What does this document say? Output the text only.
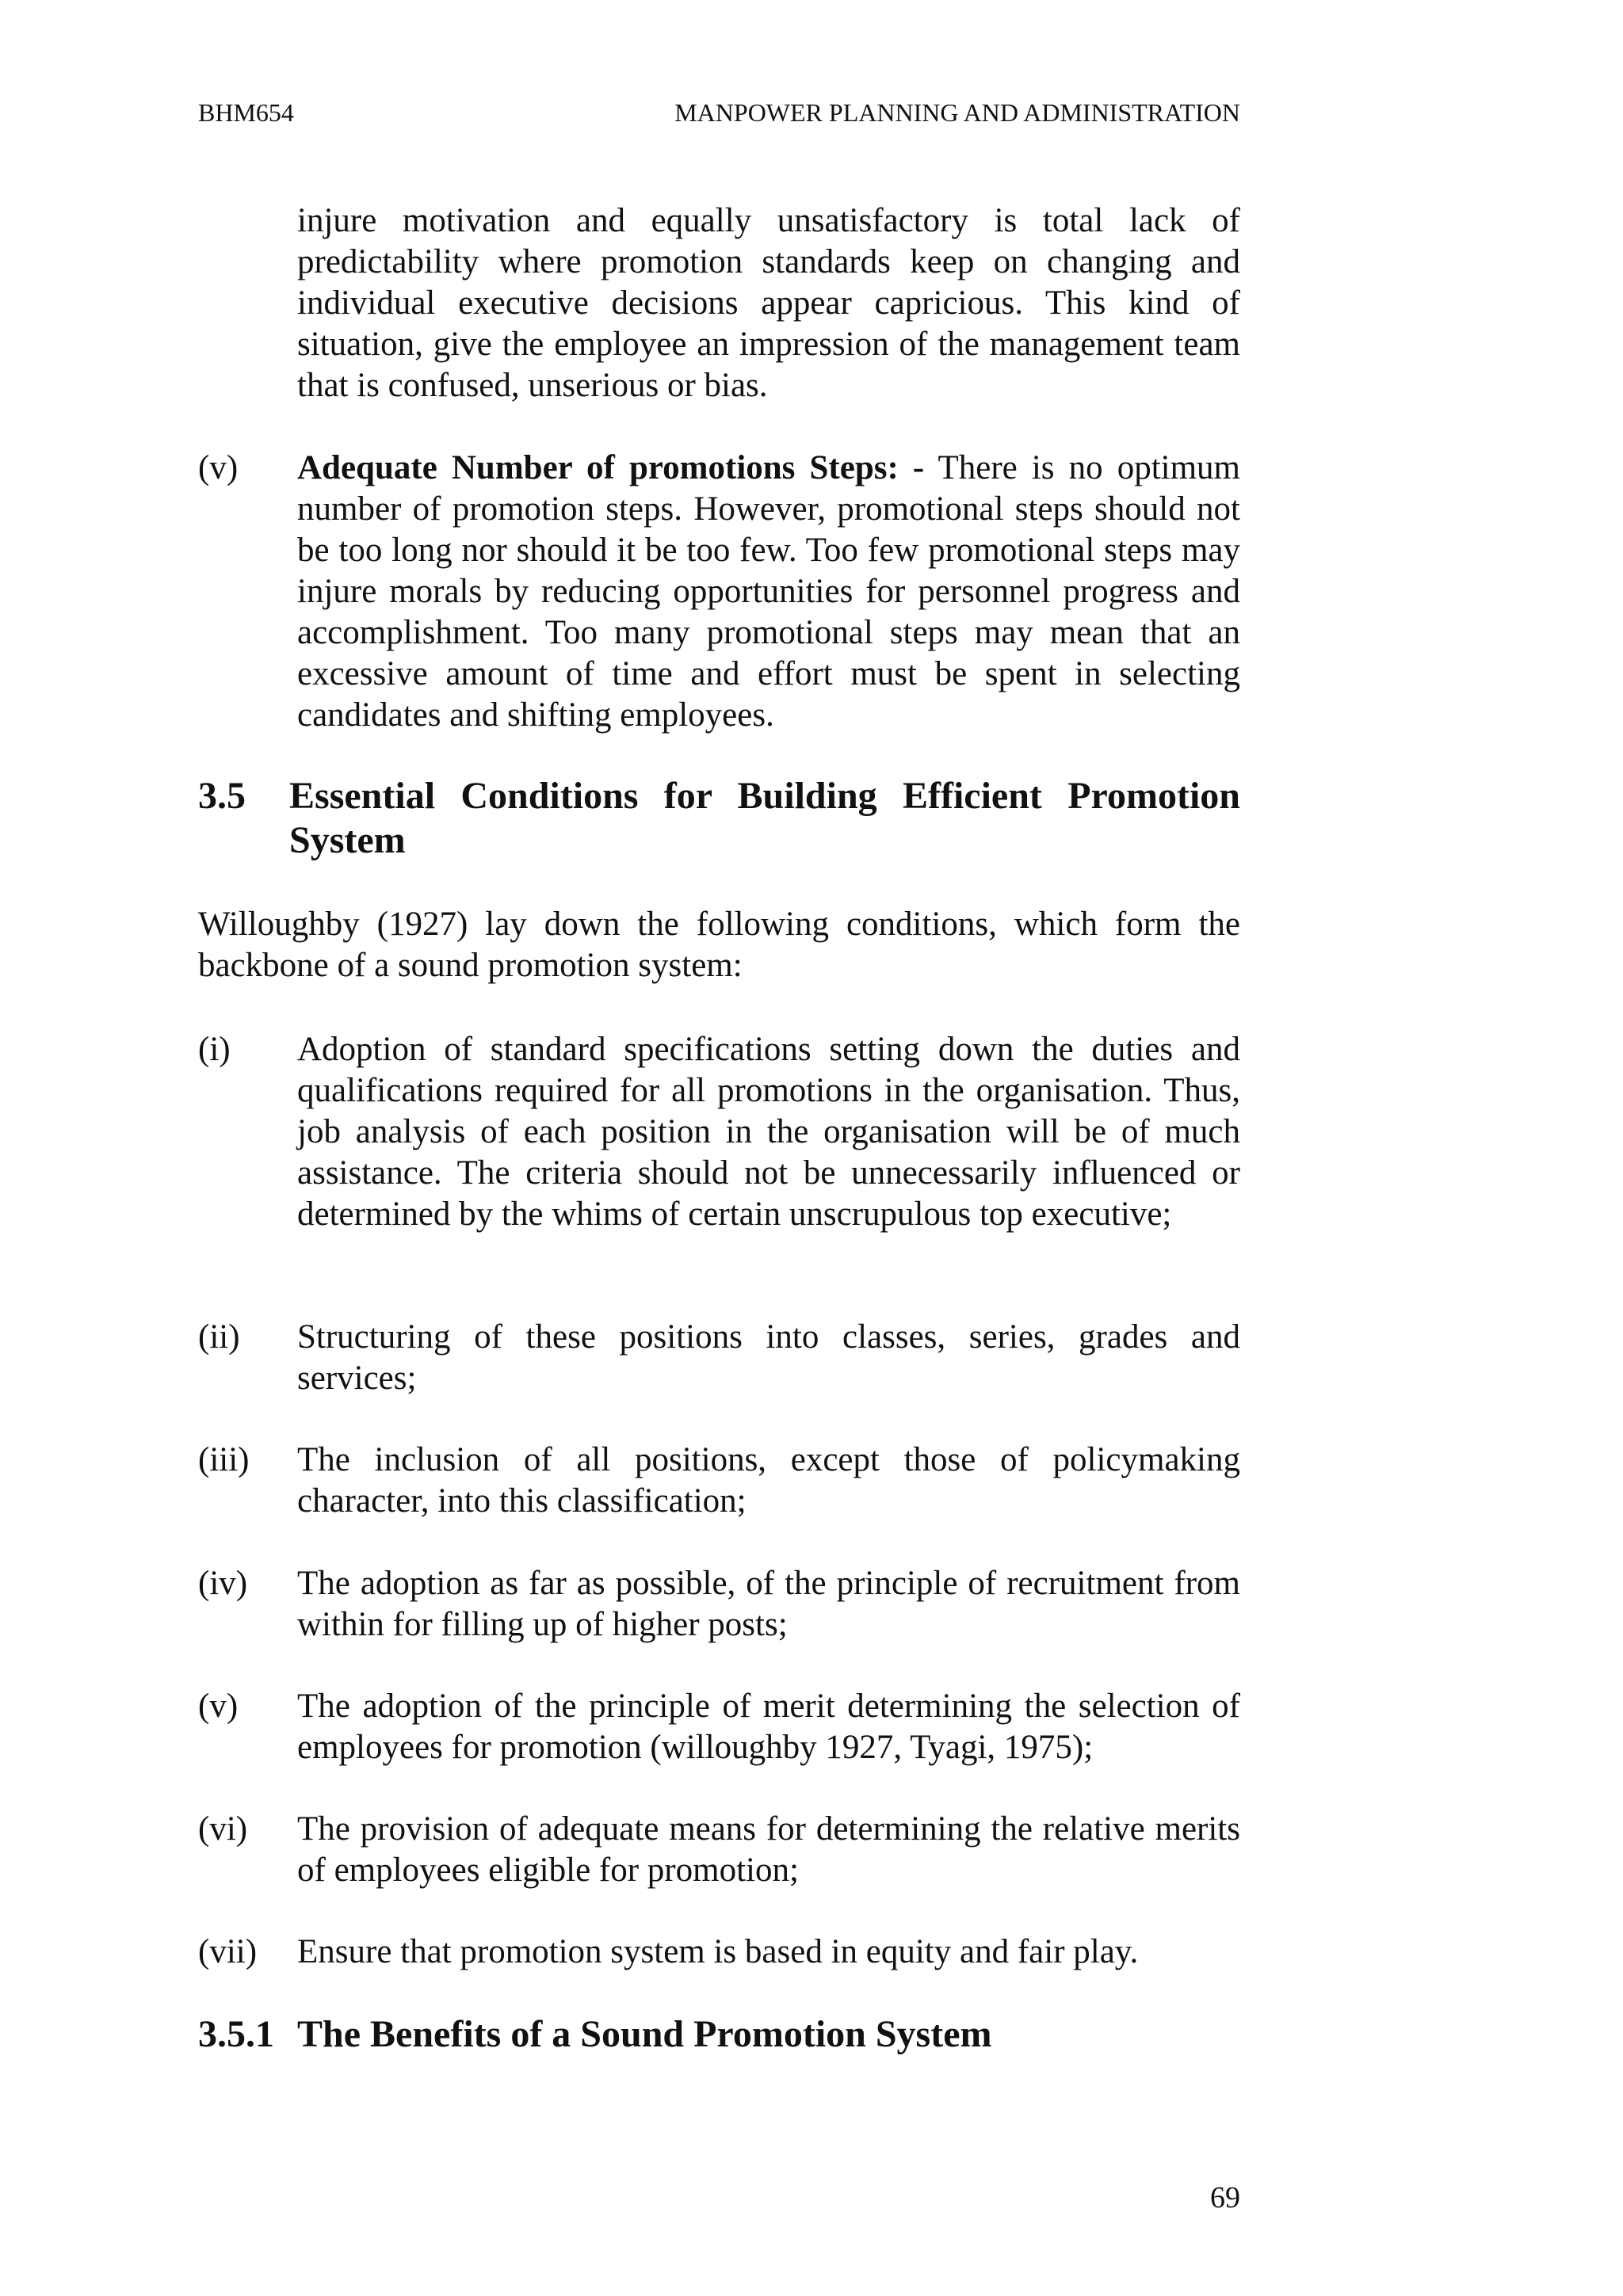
BHM654	MANPOWER PLANNING AND ADMINISTRATION

injure motivation and equally unsatisfactory is total lack of predictability where promotion standards keep on changing and individual executive decisions appear capricious. This kind of situation, give the employee an impression of the management team that is confused, unserious or bias.

(v)	Adequate Number of promotions Steps: - There is no optimum number of promotion steps. However, promotional steps should not be too long nor should it be too few. Too few promotional steps may injure morals by reducing opportunities for personnel progress and accomplishment. Too many promotional steps may mean that an excessive amount of time and effort must be spent in selecting candidates and shifting employees.
3.5 Essential Conditions for Building Efficient Promotion System

Willoughby (1927) lay down the following conditions, which form the backbone of a sound promotion system:

(i)	Adoption of standard specifications setting down the duties and qualifications required for all promotions in the organisation. Thus, job analysis of each position in the organisation will be of much assistance. The criteria should not be unnecessarily influenced or determined by the whims of certain unscrupulous top executive;
(ii)	Structuring of these positions into classes, series, grades and services;
(iii)	The inclusion of all positions, except those of policymaking character, into this classification;
(iv)	The adoption as far as possible, of the principle of recruitment from within for filling up of higher posts;
(v)	The adoption of the principle of merit determining the selection of employees for promotion (willoughby 1927, Tyagi, 1975);
(vi)	The provision of adequate means for determining the relative merits of employees eligible for promotion;
(vii)	Ensure that promotion system is based in equity and fair play.
3.5.1 The Benefits of a Sound Promotion System
69
